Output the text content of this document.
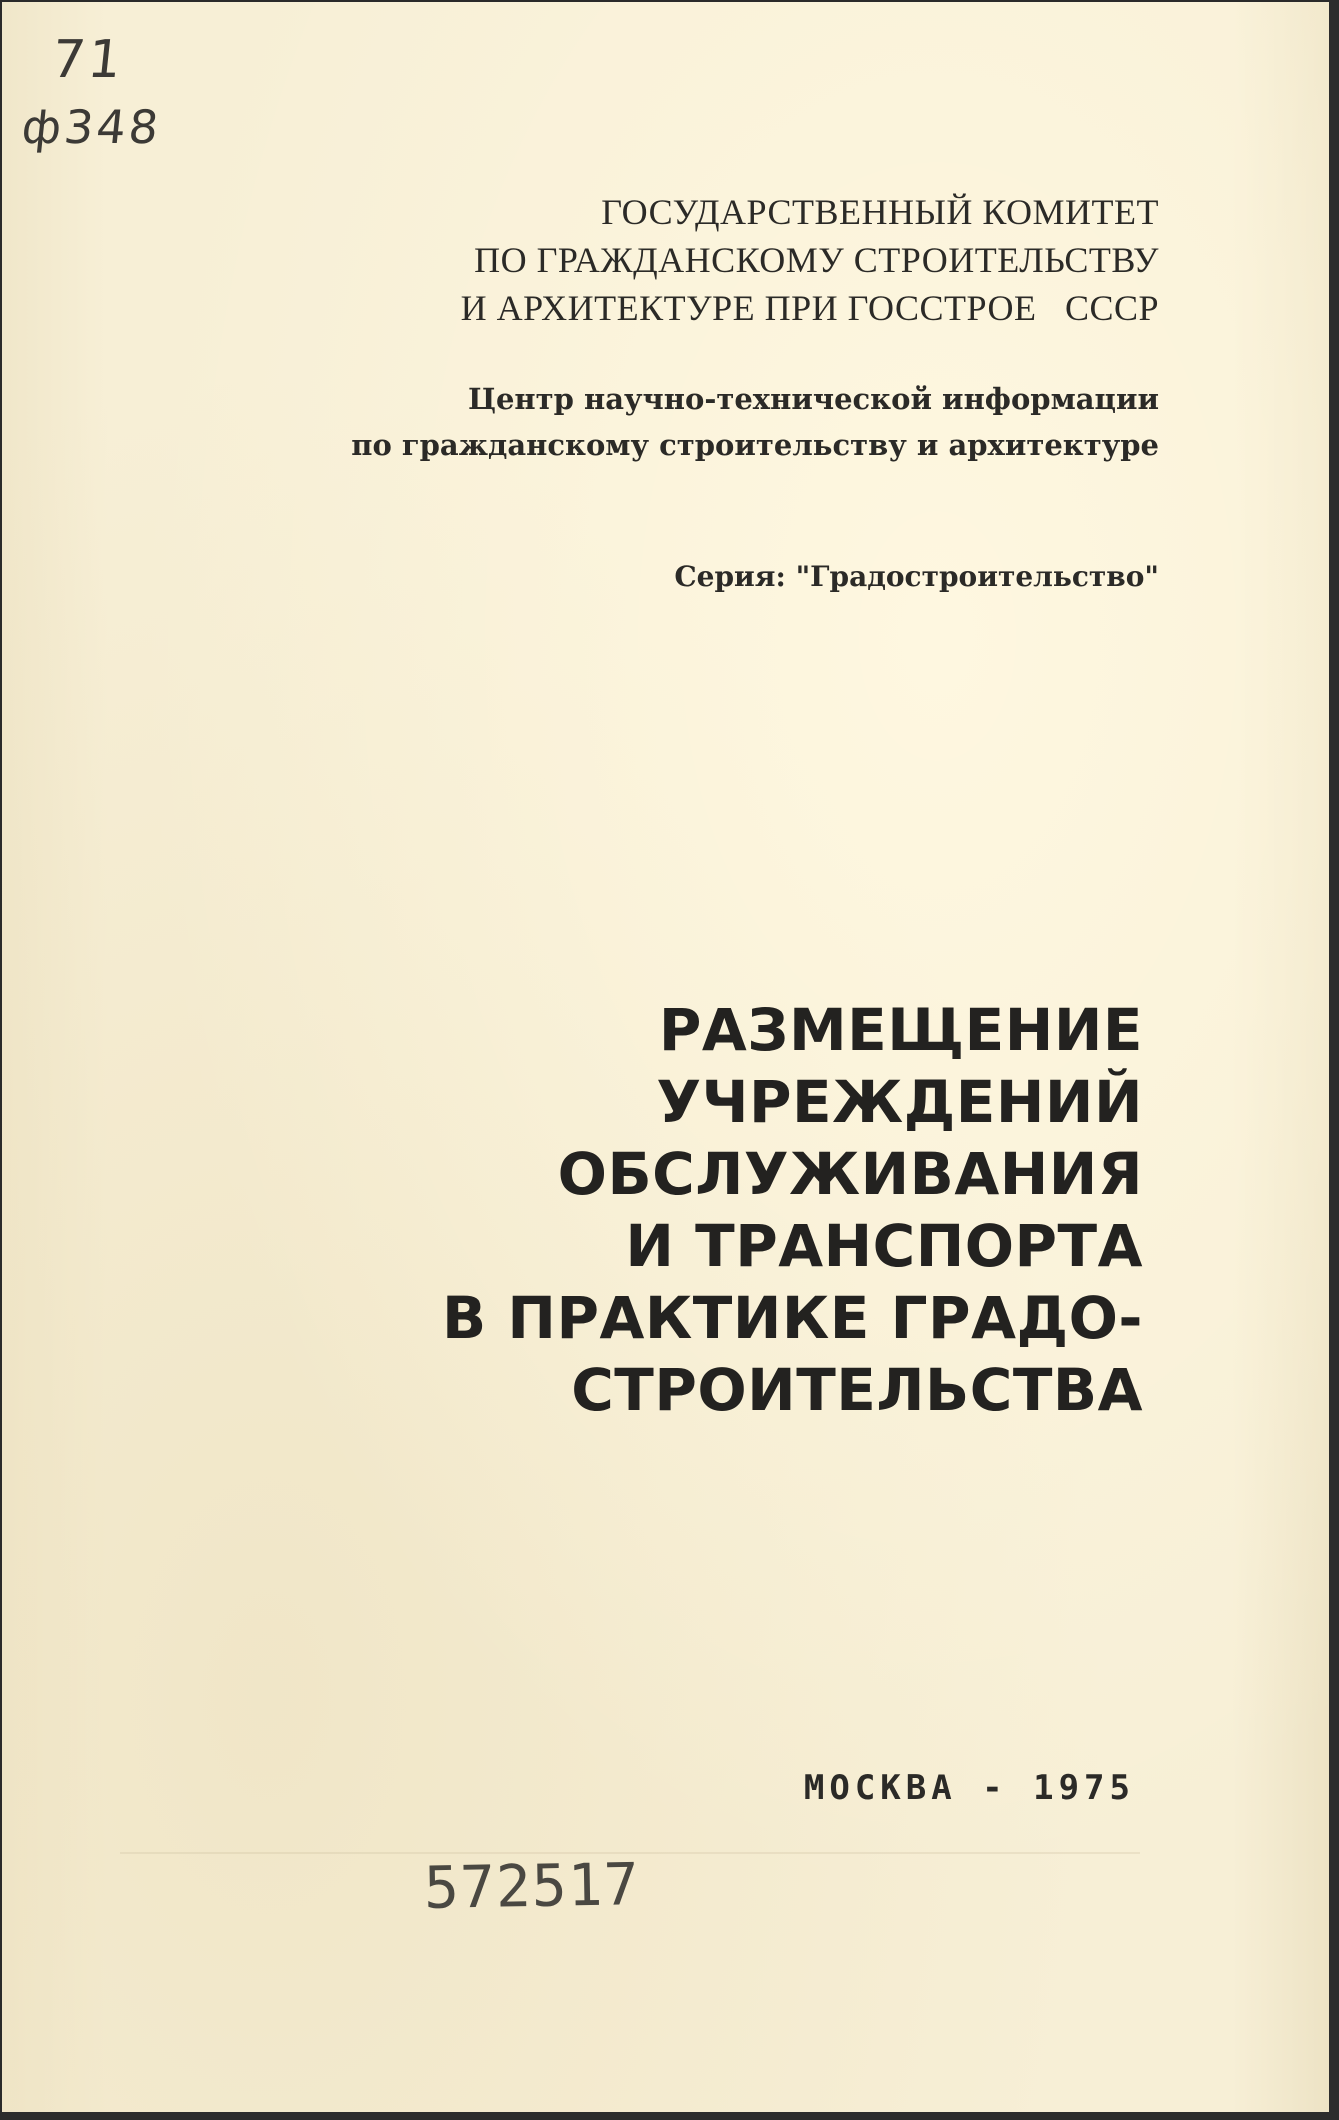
71
ф348
ГОСУДАРСТВЕННЫЙ КОМИТЕТ
ПО ГРАЖДАНСКОМУ СТРОИТЕЛЬСТВУ
И АРХИТЕКТУРЕ ПРИ ГОССТРОЕ   СССР
Центр научно-технической информации
по гражданскому строительству и архитектуре
Серия: "Градостроительство"
РАЗМЕЩЕНИЕ
УЧРЕЖДЕНИЙ
ОБСЛУЖИВАНИЯ
И ТРАНСПОРТА
В ПРАКТИКЕ ГРАДО-
СТРОИТЕЛЬСТВА
МОСКВА - 1975
572517
